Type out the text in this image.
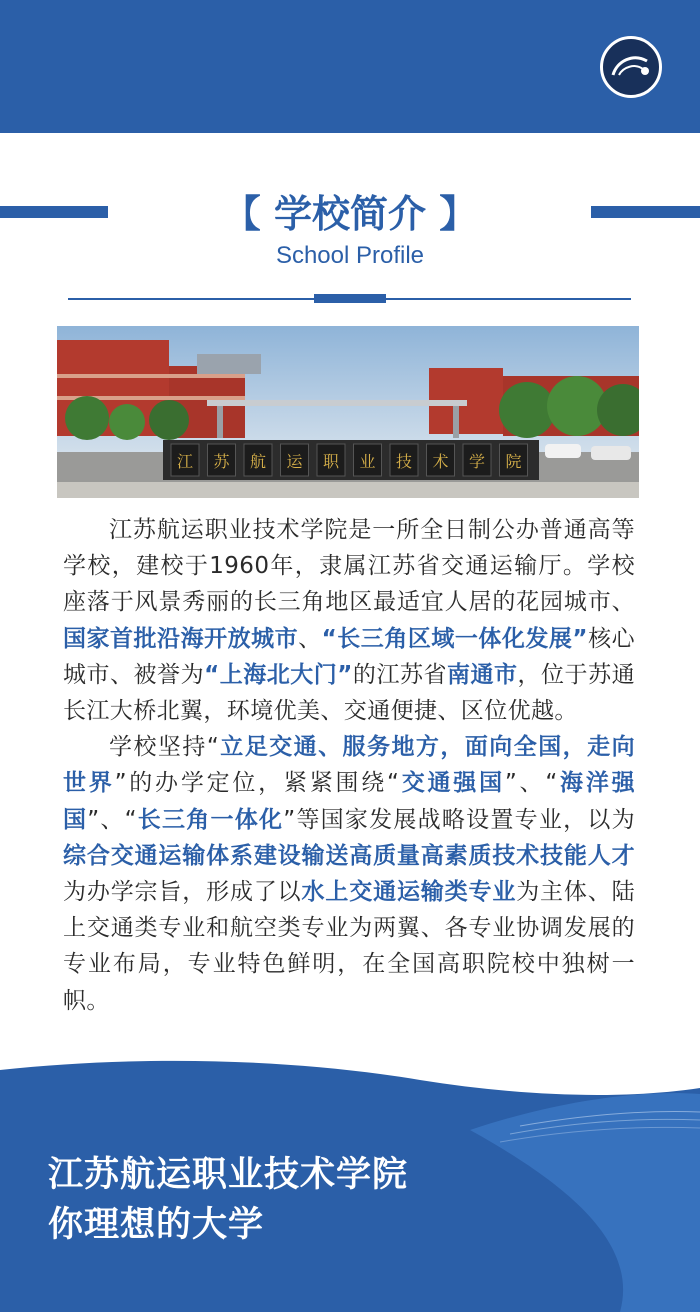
【 学校简介 】
School Profile
江 苏 航 运 职 业 技 术 学 院

江苏航运职业技术学院是一所全日制公办普通高等学校，建校于1960年，隶属江苏省交通运输厅。学校座落于风景秀丽的长三角地区最适宜人居的花园城市、国家首批沿海开放城市、“长三角区域一体化发展”核心城市、被誉为“上海北大门”的江苏省南通市，位于苏通长江大桥北翼，环境优美、交通便捷、区位优越。

学校坚持“立足交通、服务地方，面向全国，走向世界”的办学定位，紧紧围绕“交通强国”、“海洋强国”、“长三角一体化”等国家发展战略设置专业，以为综合交通运输体系建设输送高质量高素质技术技能人才为办学宗旨，形成了以水上交通运输类专业为主体、陆上交通类专业和航空类专业为两翼、各专业协调发展的专业布局，专业特色鲜明，在全国高职院校中独树一帜。

江苏航运职业技术学院
你理想的大学
